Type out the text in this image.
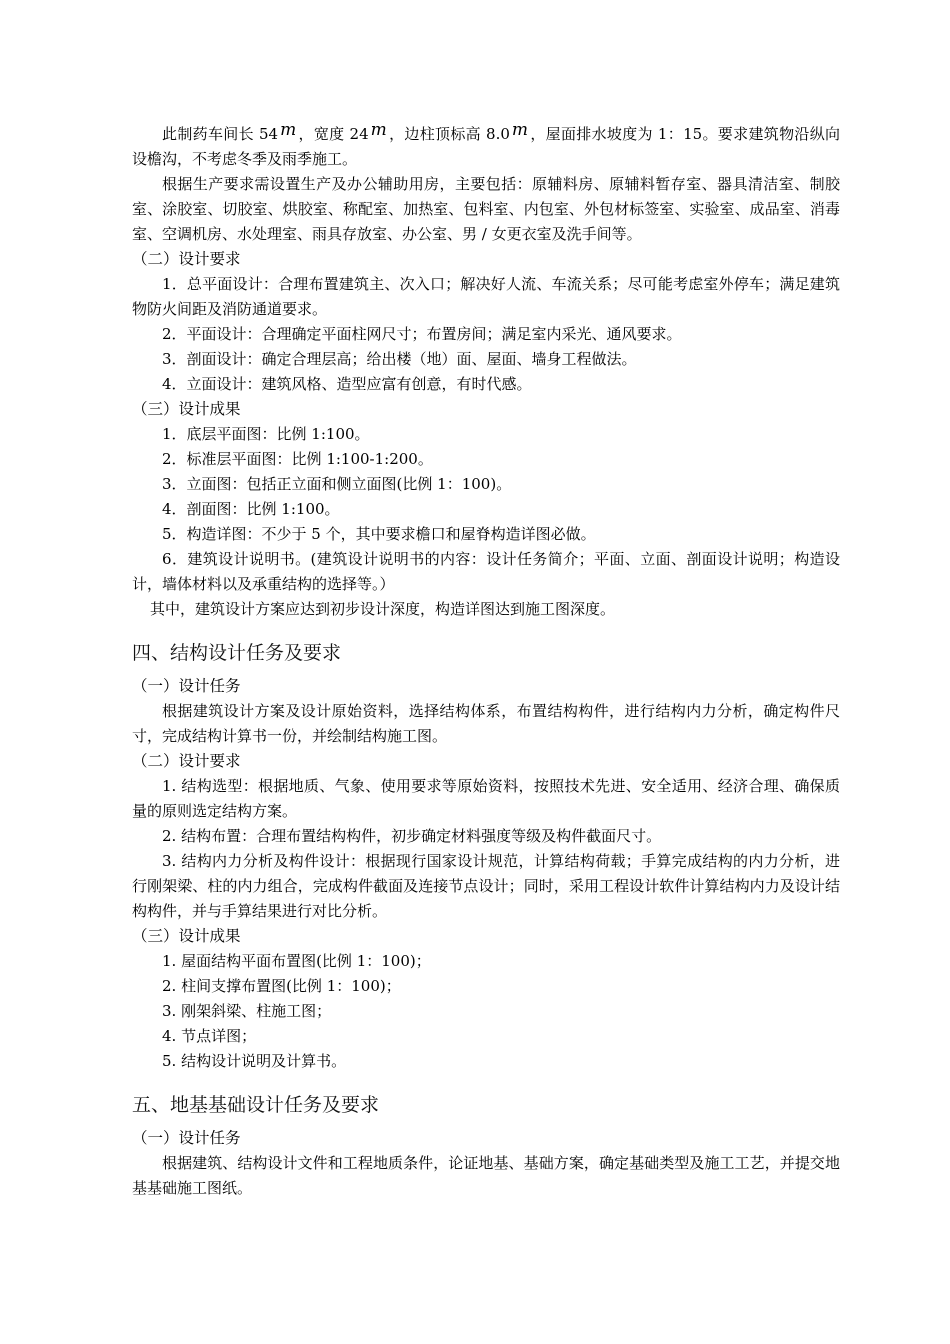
此制药车间长 54 m ，宽度 24 m ，边柱顶标高 8.0 m ，屋面排水坡度为 1：15。要求建筑物沿纵向设檐沟，不考虑冬季及雨季施工。

根据生产要求需设置生产及办公辅助用房，主要包括：原辅料房、原辅料暂存室、器具清洁室、制胶室、涂胶室、切胶室、烘胶室、称配室、加热室、包料室、内包室、外包材标签室、实验室、成品室、消毒室、空调机房、水处理室、雨具存放室、办公室、男 / 女更衣室及洗手间等。

（二）设计要求

1．总平面设计：合理布置建筑主、次入口；解决好人流、车流关系；尽可能考虑室外停车；满足建筑物防火间距及消防通道要求。

2．平面设计：合理确定平面柱网尺寸；布置房间；满足室内采光、通风要求。

3．剖面设计：确定合理层高；给出楼（地）面、屋面、墙身工程做法。

4．立面设计：建筑风格、造型应富有创意，有时代感。

（三）设计成果

1．底层平面图：比例 1:100。

2．标准层平面图：比例 1:100-1:200。

3．立面图：包括正立面和侧立面图(比例 1：100)。

4．剖面图：比例 1:100。

5．构造详图：不少于 5 个，其中要求檐口和屋脊构造详图必做。

6．建筑设计说明书。(建筑设计说明书的内容：设计任务简介；平面、立面、剖面设计说明；构造设计，墙体材料以及承重结构的选择等。）

其中，建筑设计方案应达到初步设计深度，构造详图达到施工图深度。

四、结构设计任务及要求

（一）设计任务

根据建筑设计方案及设计原始资料，选择结构体系，布置结构构件，进行结构内力分析，确定构件尺寸，完成结构计算书一份，并绘制结构施工图。

（二）设计要求

1. 结构选型：根据地质、气象、使用要求等原始资料，按照技术先进、安全适用、经济合理、确保质量的原则选定结构方案。

2. 结构布置：合理布置结构构件，初步确定材料强度等级及构件截面尺寸。

3. 结构内力分析及构件设计：根据现行国家设计规范，计算结构荷载；手算完成结构的内力分析，进行刚架梁、柱的内力组合，完成构件截面及连接节点设计；同时，采用工程设计软件计算结构内力及设计结构构件，并与手算结果进行对比分析。

（三）设计成果

1. 屋面结构平面布置图(比例 1：100)；

2. 柱间支撑布置图(比例 1：100)；

3. 刚架斜梁、柱施工图；

4. 节点详图；

5. 结构设计说明及计算书。

五、地基基础设计任务及要求

（一）设计任务

根据建筑、结构设计文件和工程地质条件，论证地基、基础方案，确定基础类型及施工工艺，并提交地基基础施工图纸。
